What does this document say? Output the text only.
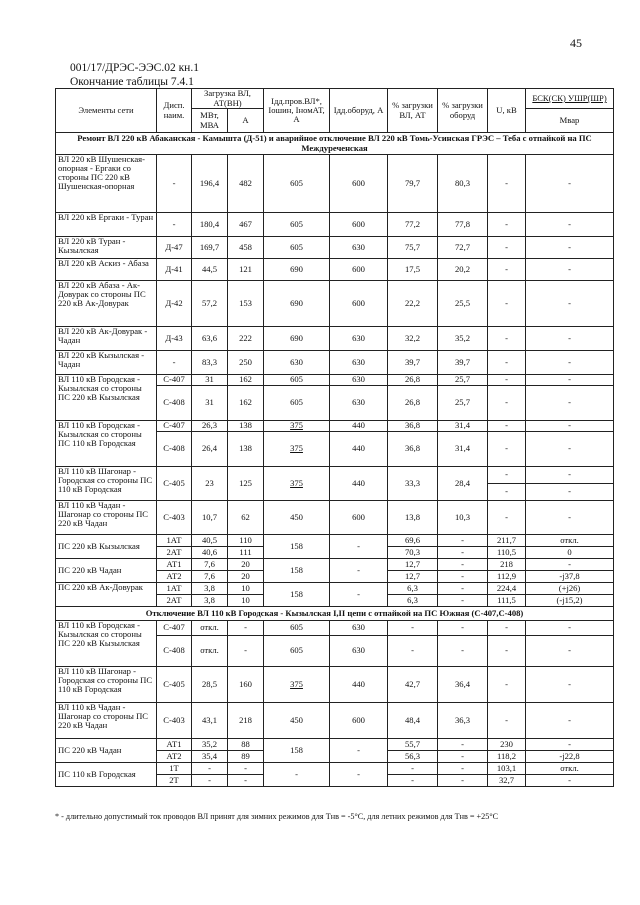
45
001/17/ДРЭС-ЭЭС.02 кн.1
Окончание таблицы 7.4.1
Элементы сети	Дисп. наим.	Загрузка ВЛ, АТ(ВН)		Iдд.пров.ВЛ*, Iошин, IномАТ, А	Iдд.оборуд, А	% загрузки ВЛ, АТ	% загрузки оборуд	U, кВ	БСК(СК) УШР(ШР)
		МВт, МВА	А						Мвар
Ремонт ВЛ 220 кВ Абаканская - Камышта (Д-51) и аварийное отключение ВЛ 220 кВ Томь-Усинская ГРЭС – Теба с отпайкой на ПС Междуреченская									
ВЛ 220 кВ Шушенская-опорная - Ергаки со стороны ПС 220 кВ Шушенская-опорная	-	196,4	482	605	600	79,7	80,3	-	-
ВЛ 220 кВ Ергаки - Туран	-	180,4	467	605	600	77,2	77,8	-	-
ВЛ 220 кВ Туран - Кызылская	Д-47	169,7	458	605	630	75,7	72,7	-	-
ВЛ 220 кВ Аскиз - Абаза	Д-41	44,5	121	690	600	17,5	20,2	-	-
ВЛ 220 кВ Абаза - Ак-Довурак со стороны ПС 220 кВ Ак-Довурак	Д-42	57,2	153	690	600	22,2	25,5	-	-
ВЛ 220 кВ Ак-Довурак - Чадан	Д-43	63,6	222	690	630	32,2	35,2	-	-
ВЛ 220 кВ Кызылская - Чадан	-	83,3	250	630	630	39,7	39,7	-	-
ВЛ 110 кВ Городская - Кызылская со стороны ПС 220 кВ Кызылская	С-407	31	162	605	630	26,8	25,7	-	-
	С-408	31	162	605	630	26,8	25,7	-	-
ВЛ 110 кВ Городская - Кызылская со стороны ПС 110 кВ Городская	С-407	26,3	138	375	440	36,8	31,4	-	-
	С-408	26,4	138	375	440	36,8	31,4	-	-
ВЛ 110 кВ Шагонар - Городская со стороны ПС 110 кВ Городская	С-405	23	125	375	440	33,3	28,4	-	-
								-	-
ВЛ 110 кВ Чадан - Шагонар со стороны ПС 220 кВ Чадан	С-403	10,7	62	450	600	13,8	10,3	-	-
ПС 220 кВ Кызылская	1АТ	40,5	110	158	-	69,6	-	211,7	откл.
	2АТ	40,6	111			70,3	-	110,5	0
ПС 220 кВ Чадан	АТ1	7,6	20	158	-	12,7	-	218	-
	АТ2	7,6	20			12,7	-	112,9	-j37,8
ПС 220 кВ Ак-Довурак	1АТ	3,8	10	158	-	6,3	-	224,4	(+j26)
	2АТ	3,8	10			6,3	-	111,5	(-j15,2)
Отключение ВЛ 110 кВ Городская - Кызылская I,II цепи с отпайкой на ПС Южная (С-407,С-408)									
ВЛ 110 кВ Городская - Кызылская со стороны ПС 220 кВ Кызылская	С-407	откл.	-	605	630	-	-	-	-
	С-408	откл.	-	605	630	-	-	-	-
ВЛ 110 кВ Шагонар - Городская со стороны ПС 110 кВ Городская	С-405	28,5	160	375	440	42,7	36,4	-	-
ВЛ 110 кВ Чадан - Шагонар со стороны ПС 220 кВ Чадан	С-403	43,1	218	450	600	48,4	36,3	-	-
ПС 220 кВ Чадан	АТ1	35,2	88	158	-	55,7	-	230	-
	АТ2	35,4	89			56,3	-	118,2	-j22,8
ПС 110 кВ Городская	1Т	-	-	-	-	-	-	103,1	откл.
	2Т	-	-			-	-	32,7	-
* - длительно допустимый ток проводов ВЛ принят для зимних режимов для Тнв = -5°С, для летних режимов для Тнв = +25°С
